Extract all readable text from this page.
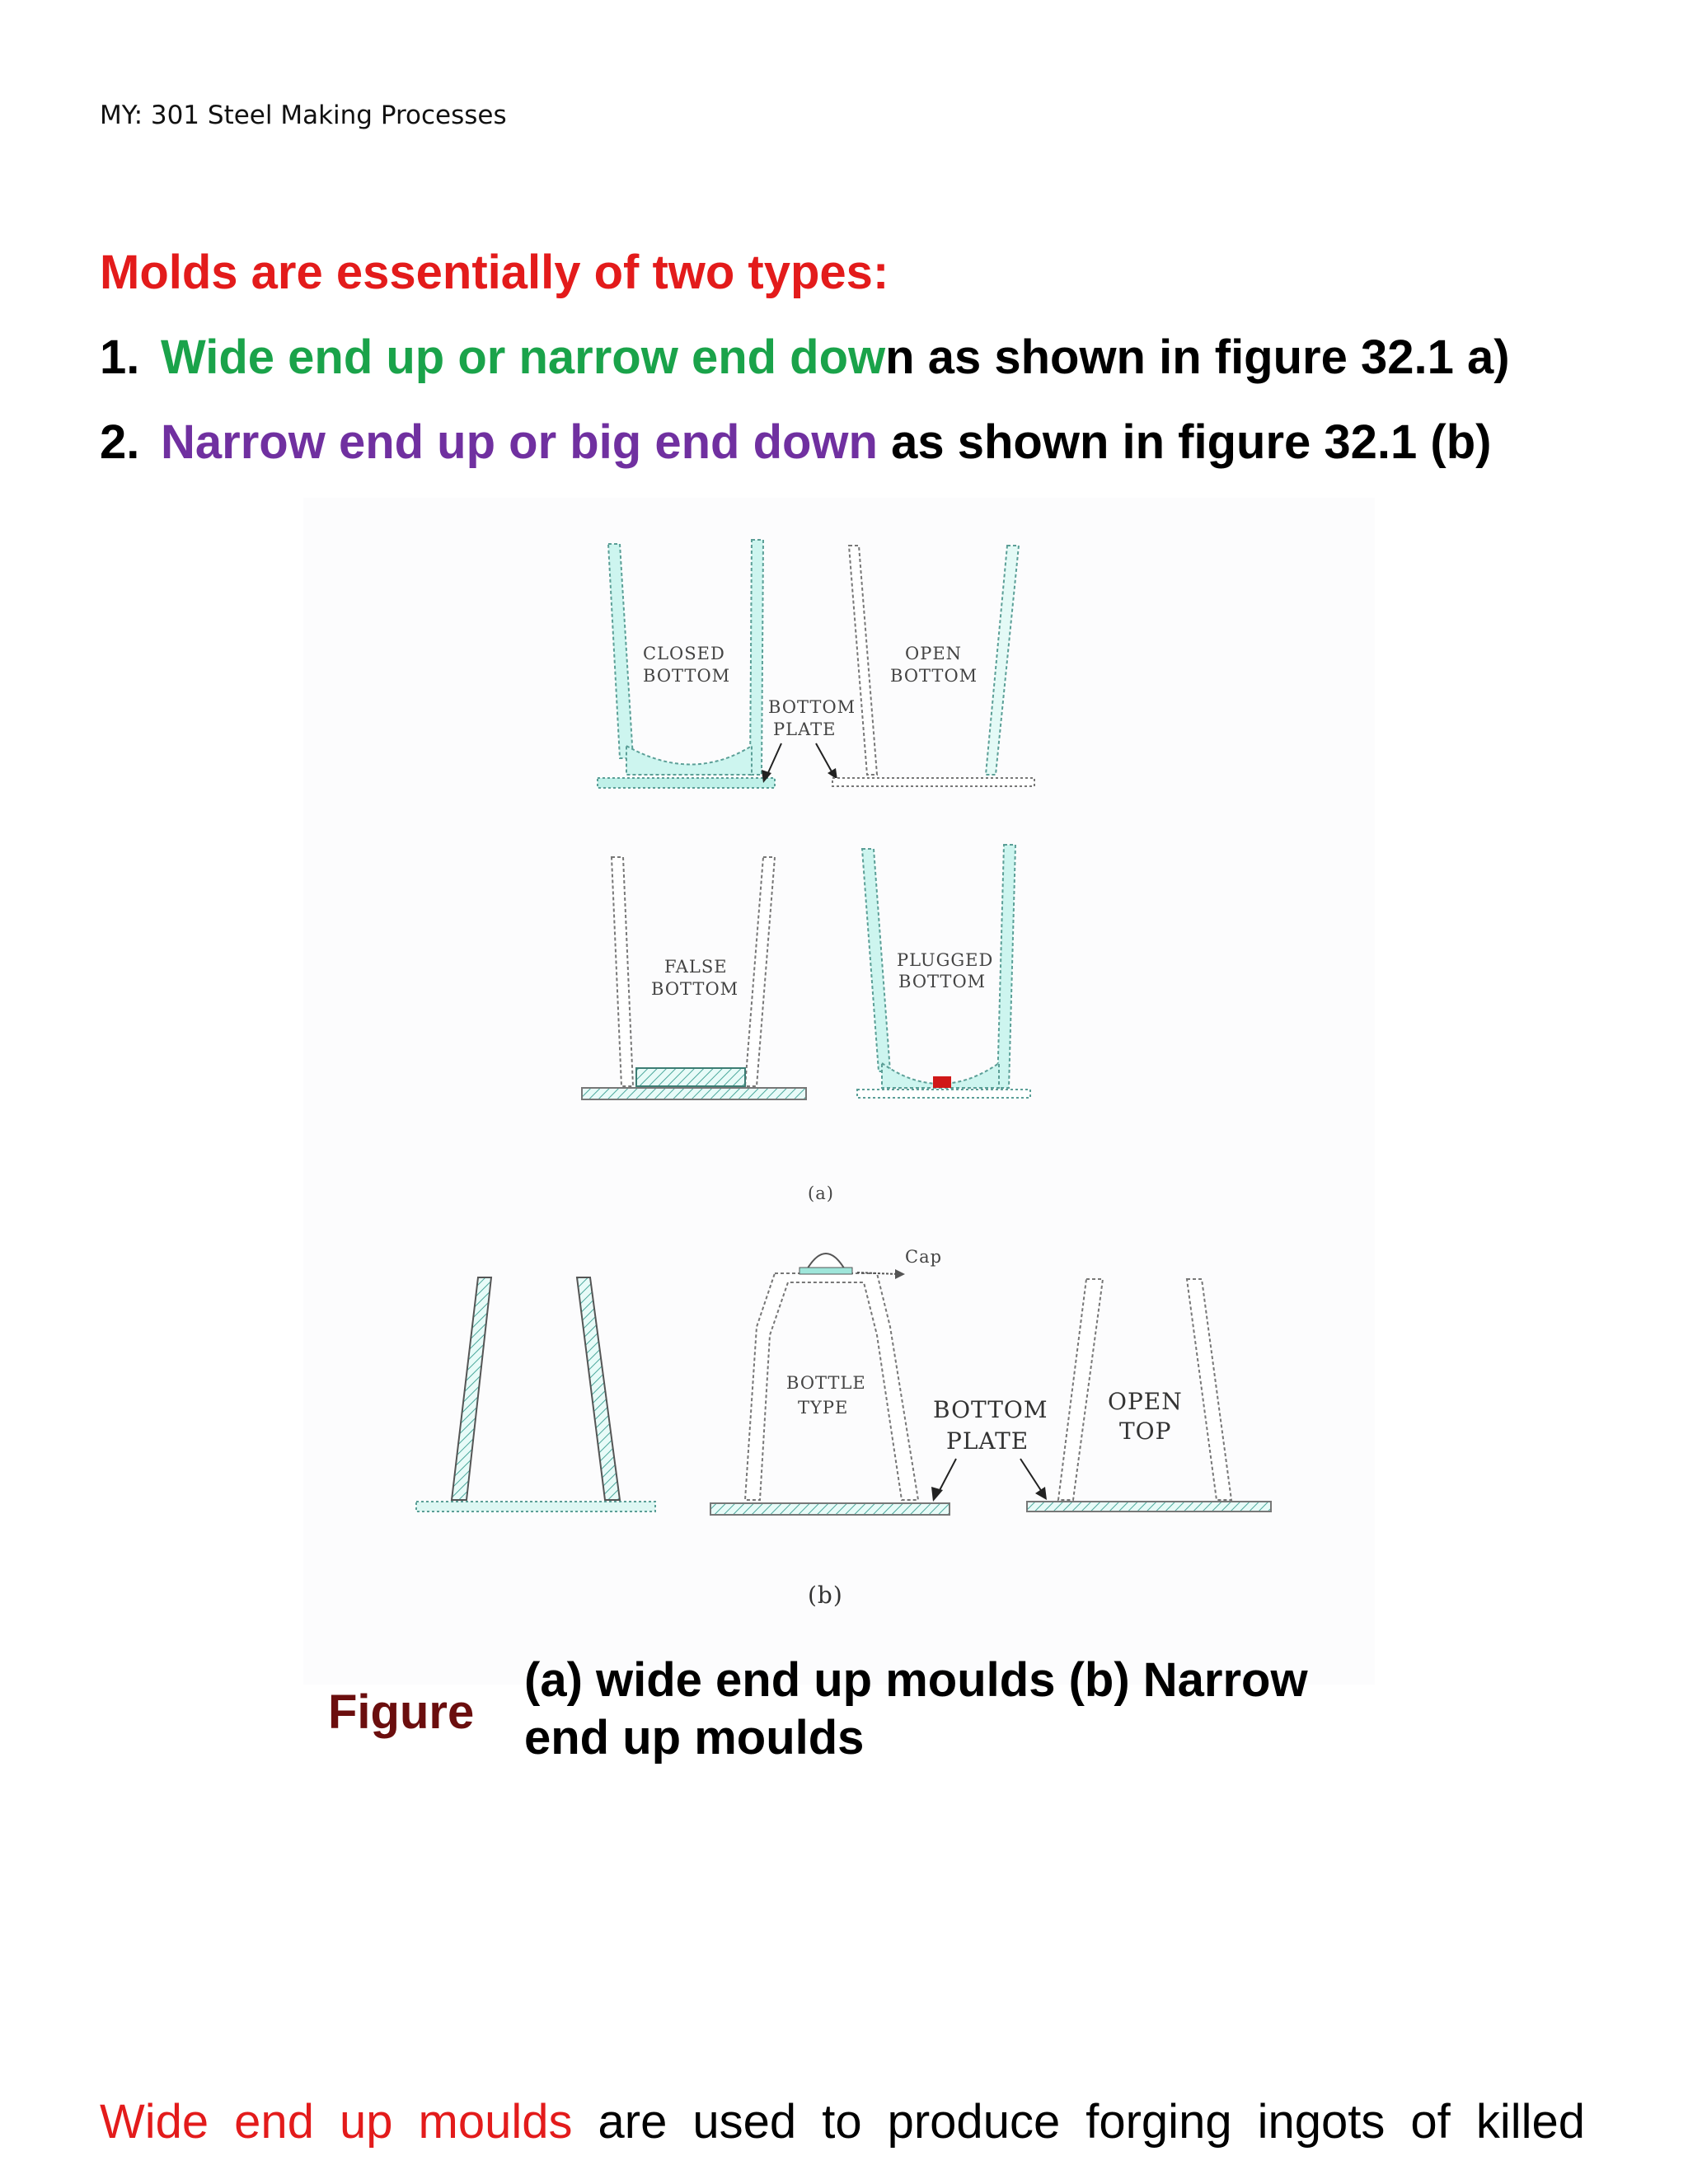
MY: 301 Steel Making Processes
Molds are essentially of two types:
1. Wide end up or narrow end down as shown in figure 32.1 a)
2. Narrow end up or big end down as shown in figure 32.1 (b)
CLOSED
BOTTOM
BOTTOM
PLATE
OPEN
BOTTOM
FALSE
BOTTOM
PLUGGED
BOTTOM
(a)
Cap
BOTTLE
TYPE	BOTTOM
PLATE
OPEN
TOP
(b)
Figure
(a) wide end up moulds (b) Narrow end up moulds
Wide end up moulds are used to produce forging ingots of killed
